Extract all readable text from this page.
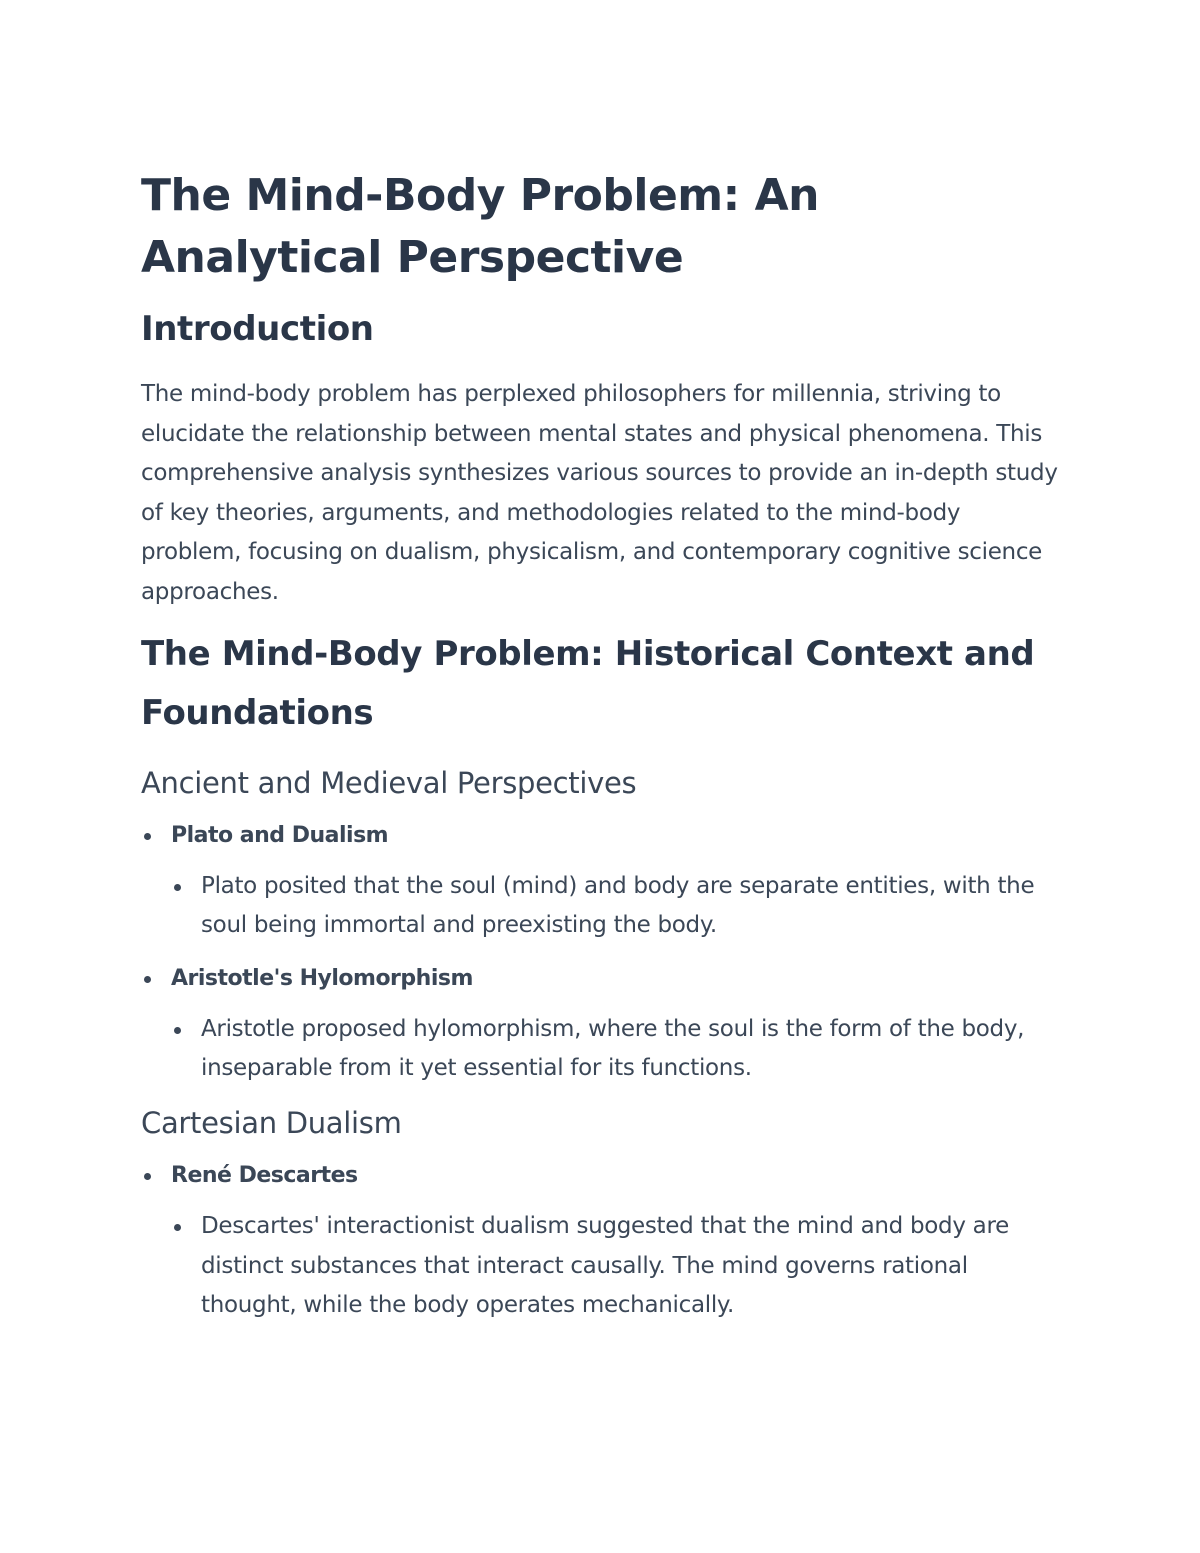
The Mind-Body Problem: An Analytical Perspective
Introduction

The mind-body problem has perplexed philosophers for millennia, striving to elucidate the relationship between mental states and physical phenomena. This comprehensive analysis synthesizes various sources to provide an in-depth study of key theories, arguments, and methodologies related to the mind-body problem, focusing on dualism, physicalism, and contemporary cognitive science approaches.

The Mind-Body Problem: Historical Context and Foundations
Ancient and Medieval Perspectives
Plato and Dualism
Plato posited that the soul (mind) and body are separate entities, with the soul being immortal and preexisting the body.
Aristotle's Hylomorphism
Aristotle proposed hylomorphism, where the soul is the form of the body, inseparable from it yet essential for its functions.
Cartesian Dualism
René Descartes
Descartes' interactionist dualism suggested that the mind and body are distinct substances that interact causally. The mind governs rational thought, while the body operates mechanically.
